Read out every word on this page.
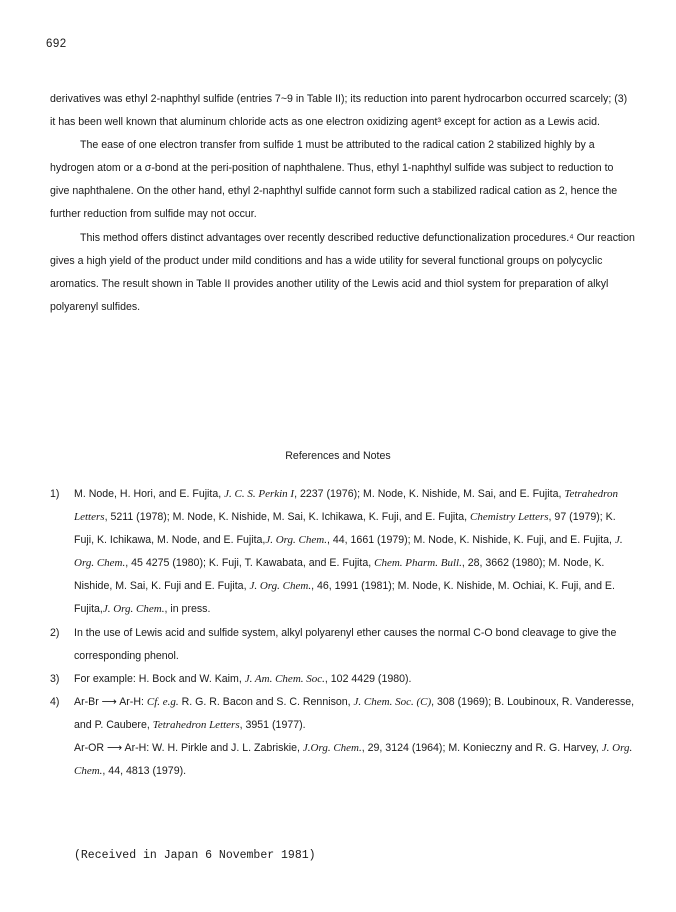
692

derivatives was ethyl 2-naphthyl sulfide (entries 7~9 in Table II); its reduction into parent hydrocarbon occurred scarcely; (3) it has been well known that aluminum chloride acts as one electron oxidizing agent³ except for action as a Lewis acid.

The ease of one electron transfer from sulfide 1 must be attributed to the radical cation 2 stabilized highly by a hydrogen atom or a σ-bond at the peri-position of naphthalene. Thus, ethyl 1-naphthyl sulfide was subject to reduction to give naphthalene. On the other hand, ethyl 2-naphthyl sulfide cannot form such a stabilized radical cation as 2, hence the further reduction from sulfide may not occur.

This method offers distinct advantages over recently described reductive defunctionalization procedures.⁴ Our reaction gives a high yield of the product under mild conditions and has a wide utility for several functional groups on polycyclic aromatics. The result shown in Table II provides another utility of the Lewis acid and thiol system for preparation of alkyl polyarenyl sulfides.

References and Notes
1) M. Node, H. Hori, and E. Fujita, J. C. S. Perkin I, 2237 (1976); M. Node, K. Nishide, M. Sai, and E. Fujita, Tetrahedron Letters, 5211 (1978); M. Node, K. Nishide, M. Sai, K. Ichikawa, K. Fuji, and E. Fujita, Chemistry Letters, 97 (1979); K. Fuji, K. Ichikawa, M. Node, and E. Fujita,J. Org. Chem., 44, 1661 (1979); M. Node, K. Nishide, K. Fuji, and E. Fujita, J. Org. Chem., 45 4275 (1980); K. Fuji, T. Kawabata, and E. Fujita, Chem. Pharm. Bull., 28, 3662 (1980); M. Node, K. Nishide, M. Sai, K. Fuji and E. Fujita, J. Org. Chem., 46, 1991 (1981); M. Node, K. Nishide, M. Ochiai, K. Fuji, and E. Fujita,J. Org. Chem., in press.
2) In the use of Lewis acid and sulfide system, alkyl polyarenyl ether causes the normal C-O bond cleavage to give the corresponding phenol.
3) For example: H. Bock and W. Kaim, J. Am. Chem. Soc., 102 4429 (1980).
4) Ar-Br ⟶ Ar-H: Cf. e.g. R. G. R. Bacon and S. C. Rennison, J. Chem. Soc. (C), 308 (1969); B. Loubinoux, R. Vanderesse, and P. Caubere, Tetrahedron Letters, 3951 (1977).
Ar-OR ⟶ Ar-H: W. H. Pirkle and J. L. Zabriskie, J.Org. Chem., 29, 3124 (1964); M. Konieczny and R. G. Harvey, J. Org. Chem., 44, 4813 (1979).
(Received in Japan 6 November 1981)
